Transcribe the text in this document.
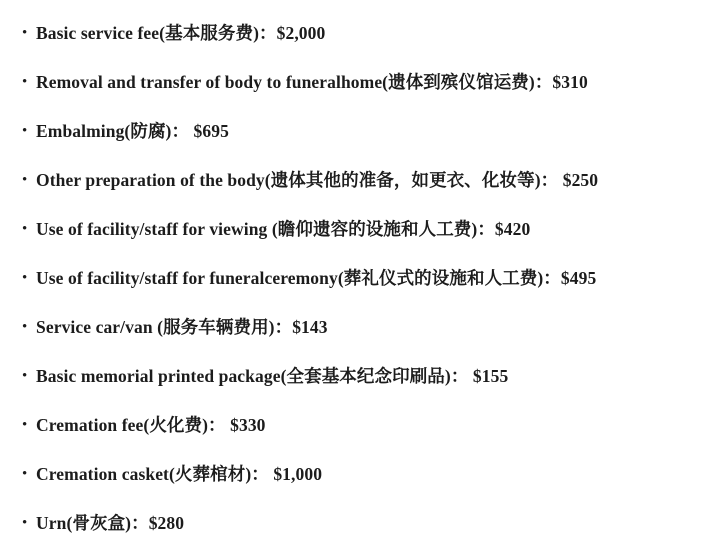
• Basic service fee(基本服务费)：$2,000
• Removal and transfer of body to funeralhome(遗体到殡仪馆运费)：$310
• Embalming(防腐)： $695
• Other preparation of the body(遗体其他的准备，如更衣、化妆等)： $250
• Use of facility/staff for viewing (瞻仰遗容的设施和人工费)：$420
• Use of facility/staff for funeralceremony(葬礼仪式的设施和人工费)：$495
• Service car/van (服务车辆费用)：$143
• Basic memorial printed package(全套基本纪念印刷品)： $155
• Cremation fee(火化费)： $330
• Cremation casket(火葬棺材)： $1,000
• Urn(骨灰盒)：$280
